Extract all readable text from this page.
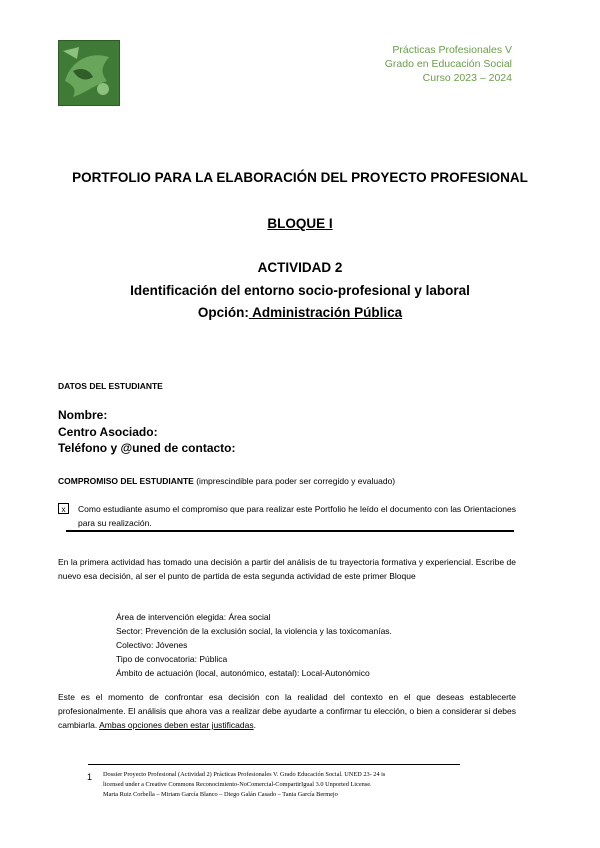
Prácticas Profesionales V
Grado en Educación Social
Curso 2023 – 2024
PORTFOLIO PARA LA ELABORACIÓN DEL PROYECTO PROFESIONAL
BLOQUE I
ACTIVIDAD 2
Identificación del entorno socio-profesional y laboral
Opción: Administración Pública
DATOS DEL ESTUDIANTE
Nombre:
Centro Asociado:
Teléfono y @uned de contacto:
COMPROMISO DEL ESTUDIANTE (imprescindible para poder ser corregido y evaluado)
x	Como estudiante asumo el compromiso que para realizar este Portfolio he leído el documento con las Orientaciones para su realización.
En la primera actividad has tomado una decisión a partir del análisis de tu trayectoria formativa y experiencial. Escribe de nuevo esa decisión, al ser el punto de partida de esta segunda actividad de este primer Bloque
Área de intervención elegida: Área social
Sector: Prevención de la exclusión social, la violencia y las toxicomanías.
Colectivo: Jóvenes
Tipo de convocatoria: Pública
Ámbito de actuación (local, autonómico, estatal): Local-Autonómico
Este es el momento de confrontar esa decisión con la realidad del contexto en el que deseas establecerte profesionalmente. El análisis que ahora vas a realizar debe ayudarte a confirmar tu elección, o bien a considerar si debes cambiarla. Ambas opciones deben estar justificadas.
1 Dossier Proyecto Profesional (Actividad 2) Prácticas Profesionales V. Grado Educación Social. UNED 23- 24 is
licensed under a Creative Commons Reconocimiento-NoComercial-CompartirIgual 3.0 Unported License.
Marta Ruiz Corbella – Miriam García Blanco – Diego Galán Casado – Tania García Bermejo
